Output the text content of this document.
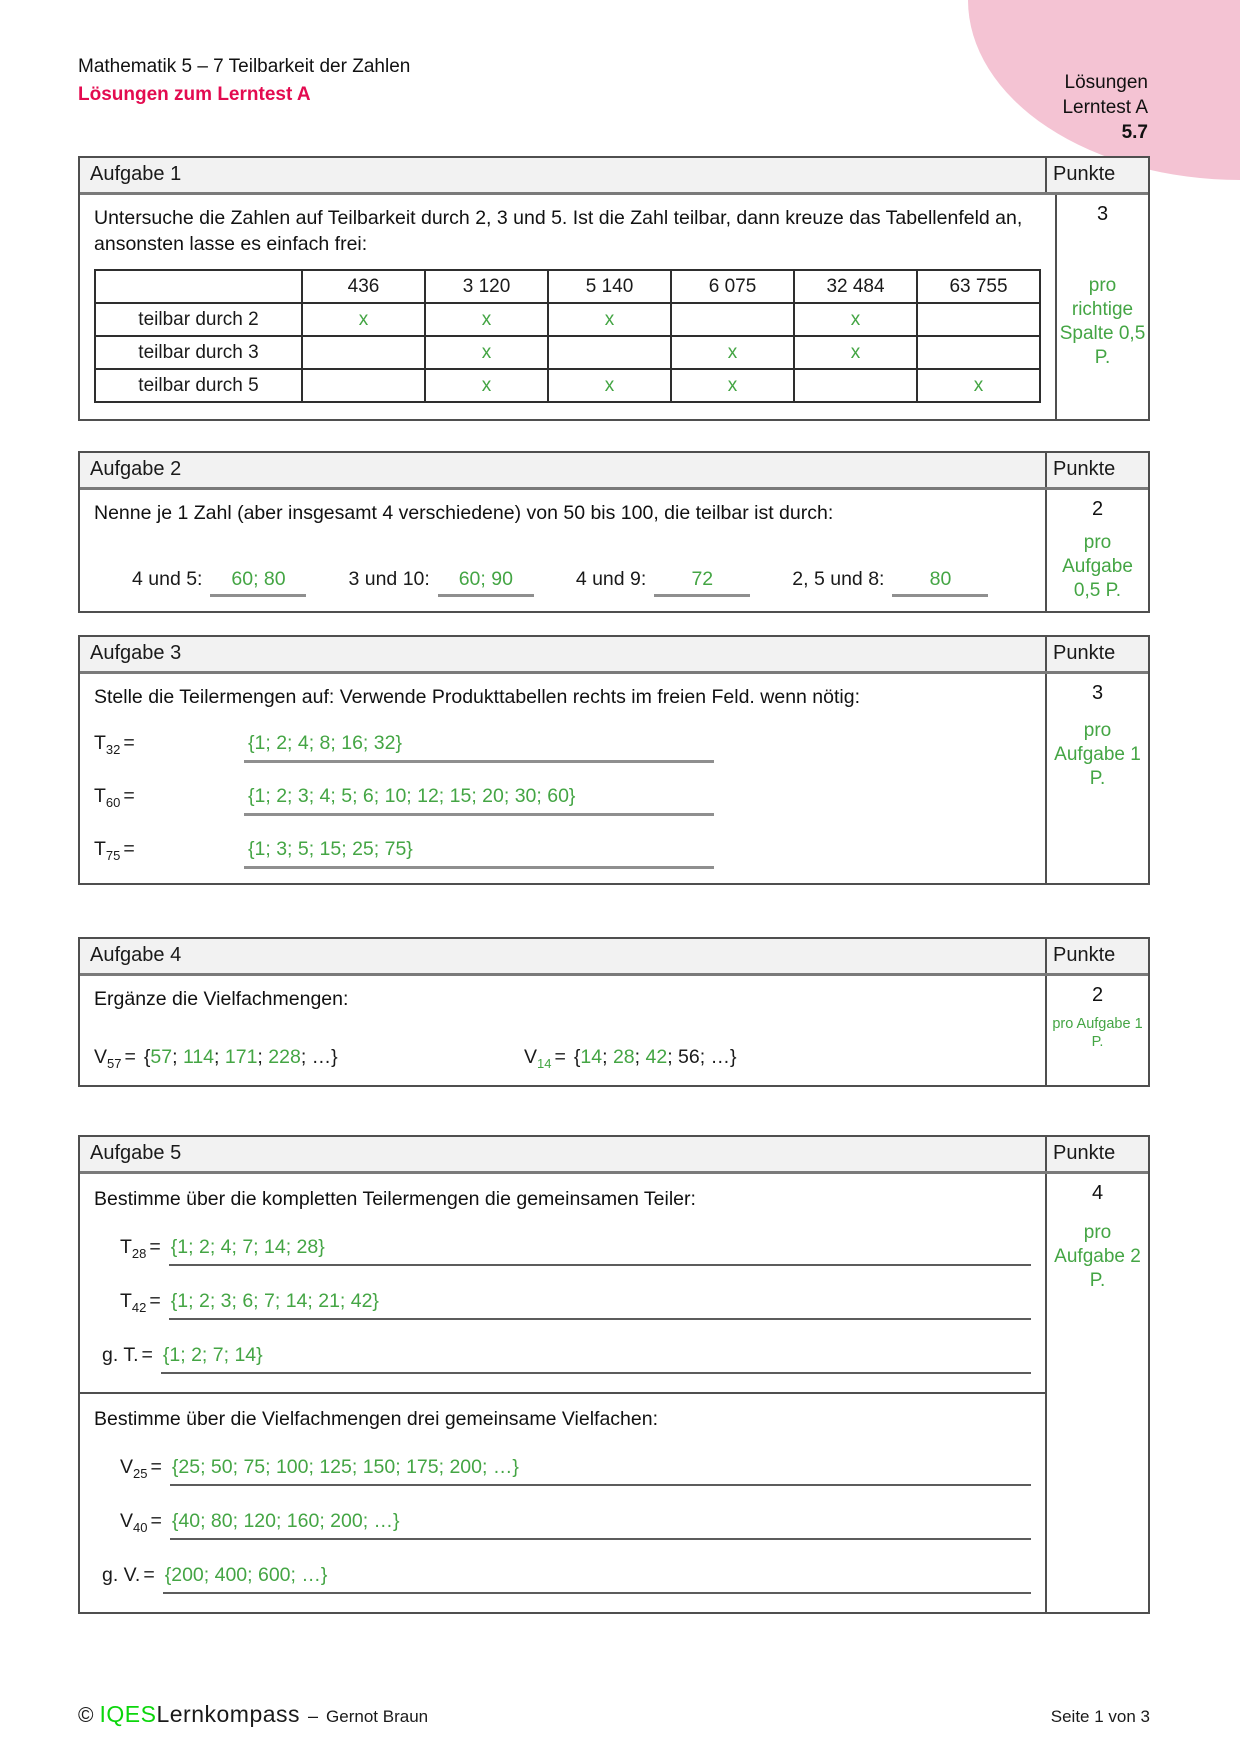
Mathematik 5 – 7 Teilbarkeit der Zahlen
Lösungen zum Lerntest A
Lösungen
Lerntest A
5.7
Aufgabe 1	Punkte

Untersuche die Zahlen auf Teilbarkeit durch 2, 3 und 5. Ist die Zahl teilbar, dann kreuze das Tabellenfeld an, ansonsten lasse es einfach frei:

	436	3 120	5 140	6 075	32 484	63 755
teilbar durch 2	x	x	x		x	
teilbar durch 3		x		x	x	
teilbar durch 5		x	x	x		x
3
pro richtige Spalte 0,5 P.
Aufgabe 2	Punkte

Nenne je 1 Zahl (aber insgesamt 4 verschiedene) von 50 bis 100, die teilbar ist durch:

4 und 5:	60; 80	3 und 10:	60; 90	4 und 9:	72	2, 5 und 8:	80
2
pro Aufgabe 0,5 P.
Aufgabe 3	Punkte

Stelle die Teilermengen auf: Verwende Produkttabellen rechts im freien Feld. wenn nötig:

$T_{32}$ =	{1; 2; 4; 8; 16; 32}
$T_{60}$ =	{1; 2; 3; 4; 5; 6; 10; 12; 15; 20; 30; 60}
$T_{75}$ =	{1; 3; 5; 15; 25; 75}
3
pro Aufgabe 1 P.
Aufgabe 4	Punkte

Ergänze die Vielfachmengen:

$V_{57} = \{57$; 114; 171; 228; …}	$V_{14} = \{14$; 28; 42; 56; …}
2
pro Aufgabe 1 P.
Aufgabe 5	Punkte

Bestimme über die kompletten Teilermengen die gemeinsamen Teiler:

$T_{28} = \{1$; 2; 4; 7; 14; 28}
$T_{42} = \{1$; 2; 3; 6; 7; 14; 21; 42}
g. T. = {1; 2; 7; 14}

Bestimme über die Vielfachmengen drei gemeinsame Vielfachen:

$V_{25} = \{25$; 50; 75; 100; 125; 150; 175; 200; …}
$V_{40} = \{40$; 80; 120; 160; 200; …}
g. V. = {200; 400; 600; …}
4
pro Aufgabe 2 P.
© IQES Lernkompass – Gernot Braun	Seite 1 von 3
